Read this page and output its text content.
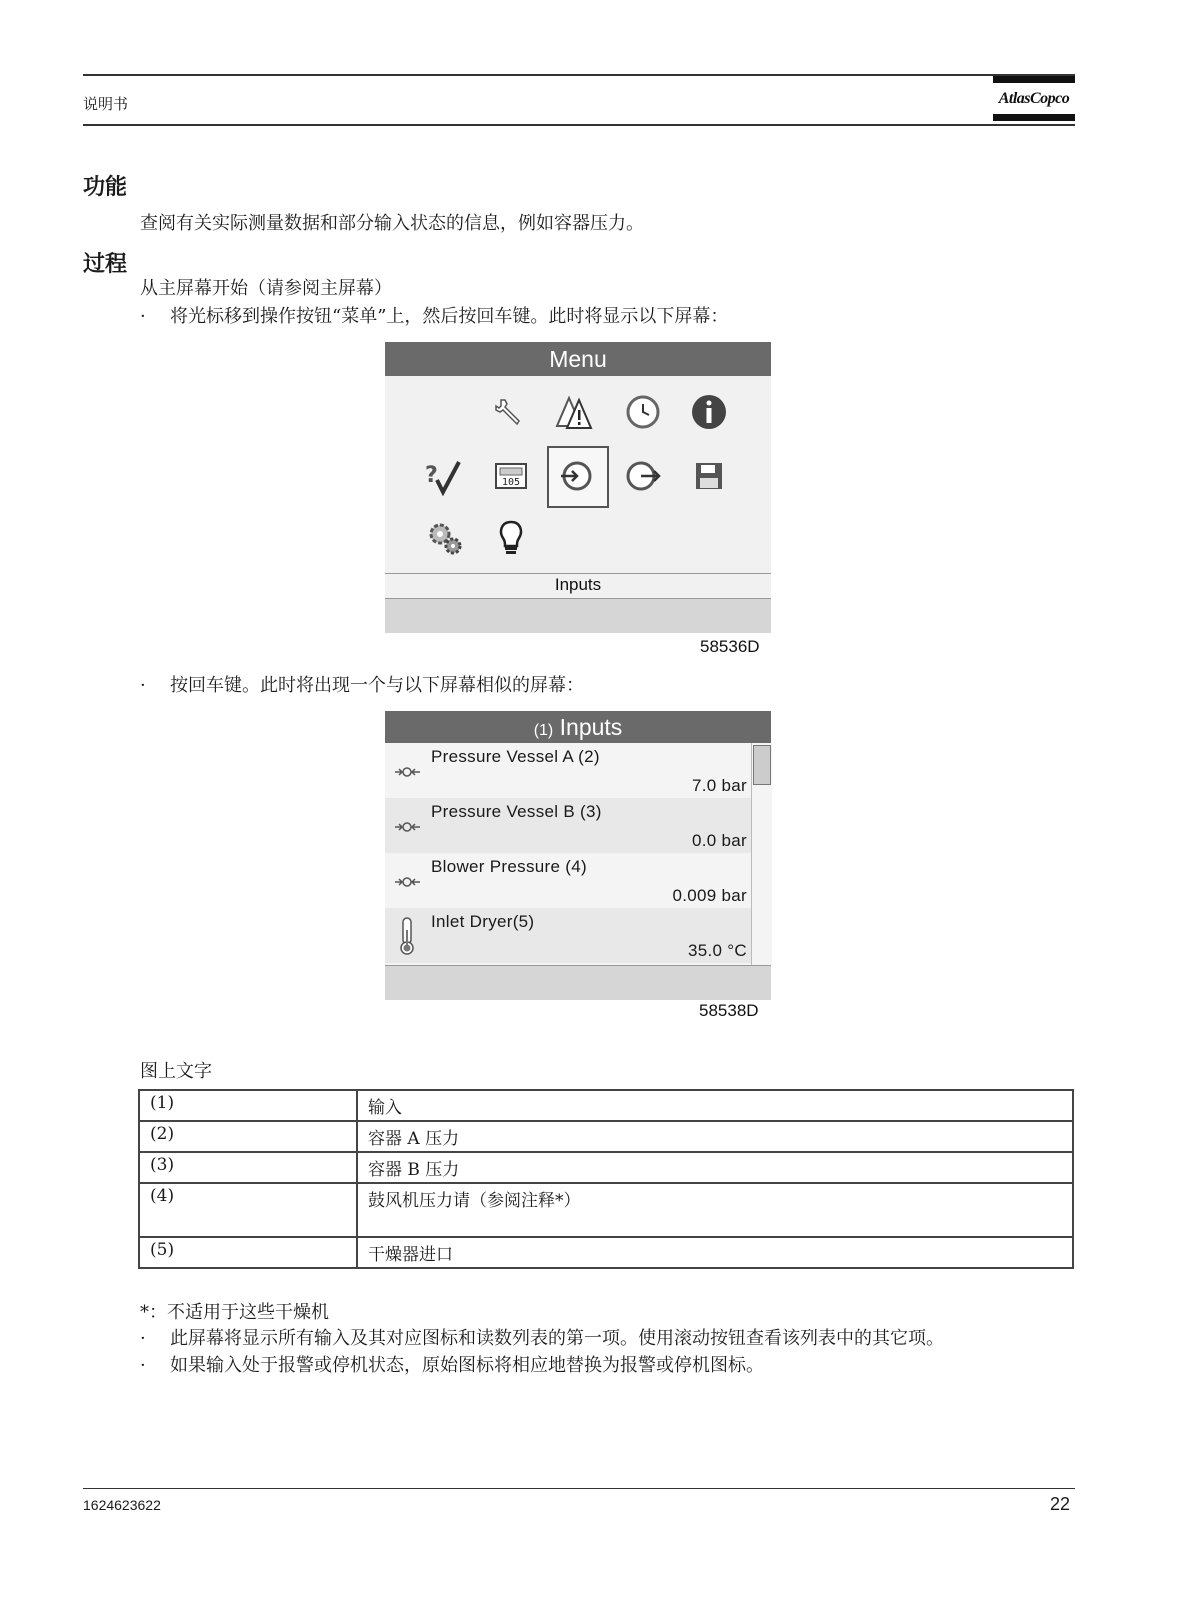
说明书	AtlasCopco
功能
查阅有关实际测量数据和部分输入状态的信息，例如容器压力。
过程
从主屏幕开始（请参阅主屏幕）
· 将光标移到操作按钮“菜单”上，然后按回车键。此时将显示以下屏幕：
Menu
?	105
Inputs
58536D
· 按回车键。此时将出现一个与以下屏幕相似的屏幕：
(1) Inputs
Pressure Vessel A (2)
7.0 bar
Pressure Vessel B (3)
0.0 bar
Blower Pressure (4)
0.009 bar
Inlet Dryer(5)
35.0 °C
58538D
图上文字
(1)	输入
(2)	容器 A 压力
(3)	容器 B 压力
(4)	鼓风机压力请（参阅注释*）
(5)	干燥器进口
*：不适用于这些干燥机
· 此屏幕将显示所有输入及其对应图标和读数列表的第一项。使用滚动按钮查看该列表中的其它项。
· 如果输入处于报警或停机状态，原始图标将相应地替换为报警或停机图标。
1624623622	22
